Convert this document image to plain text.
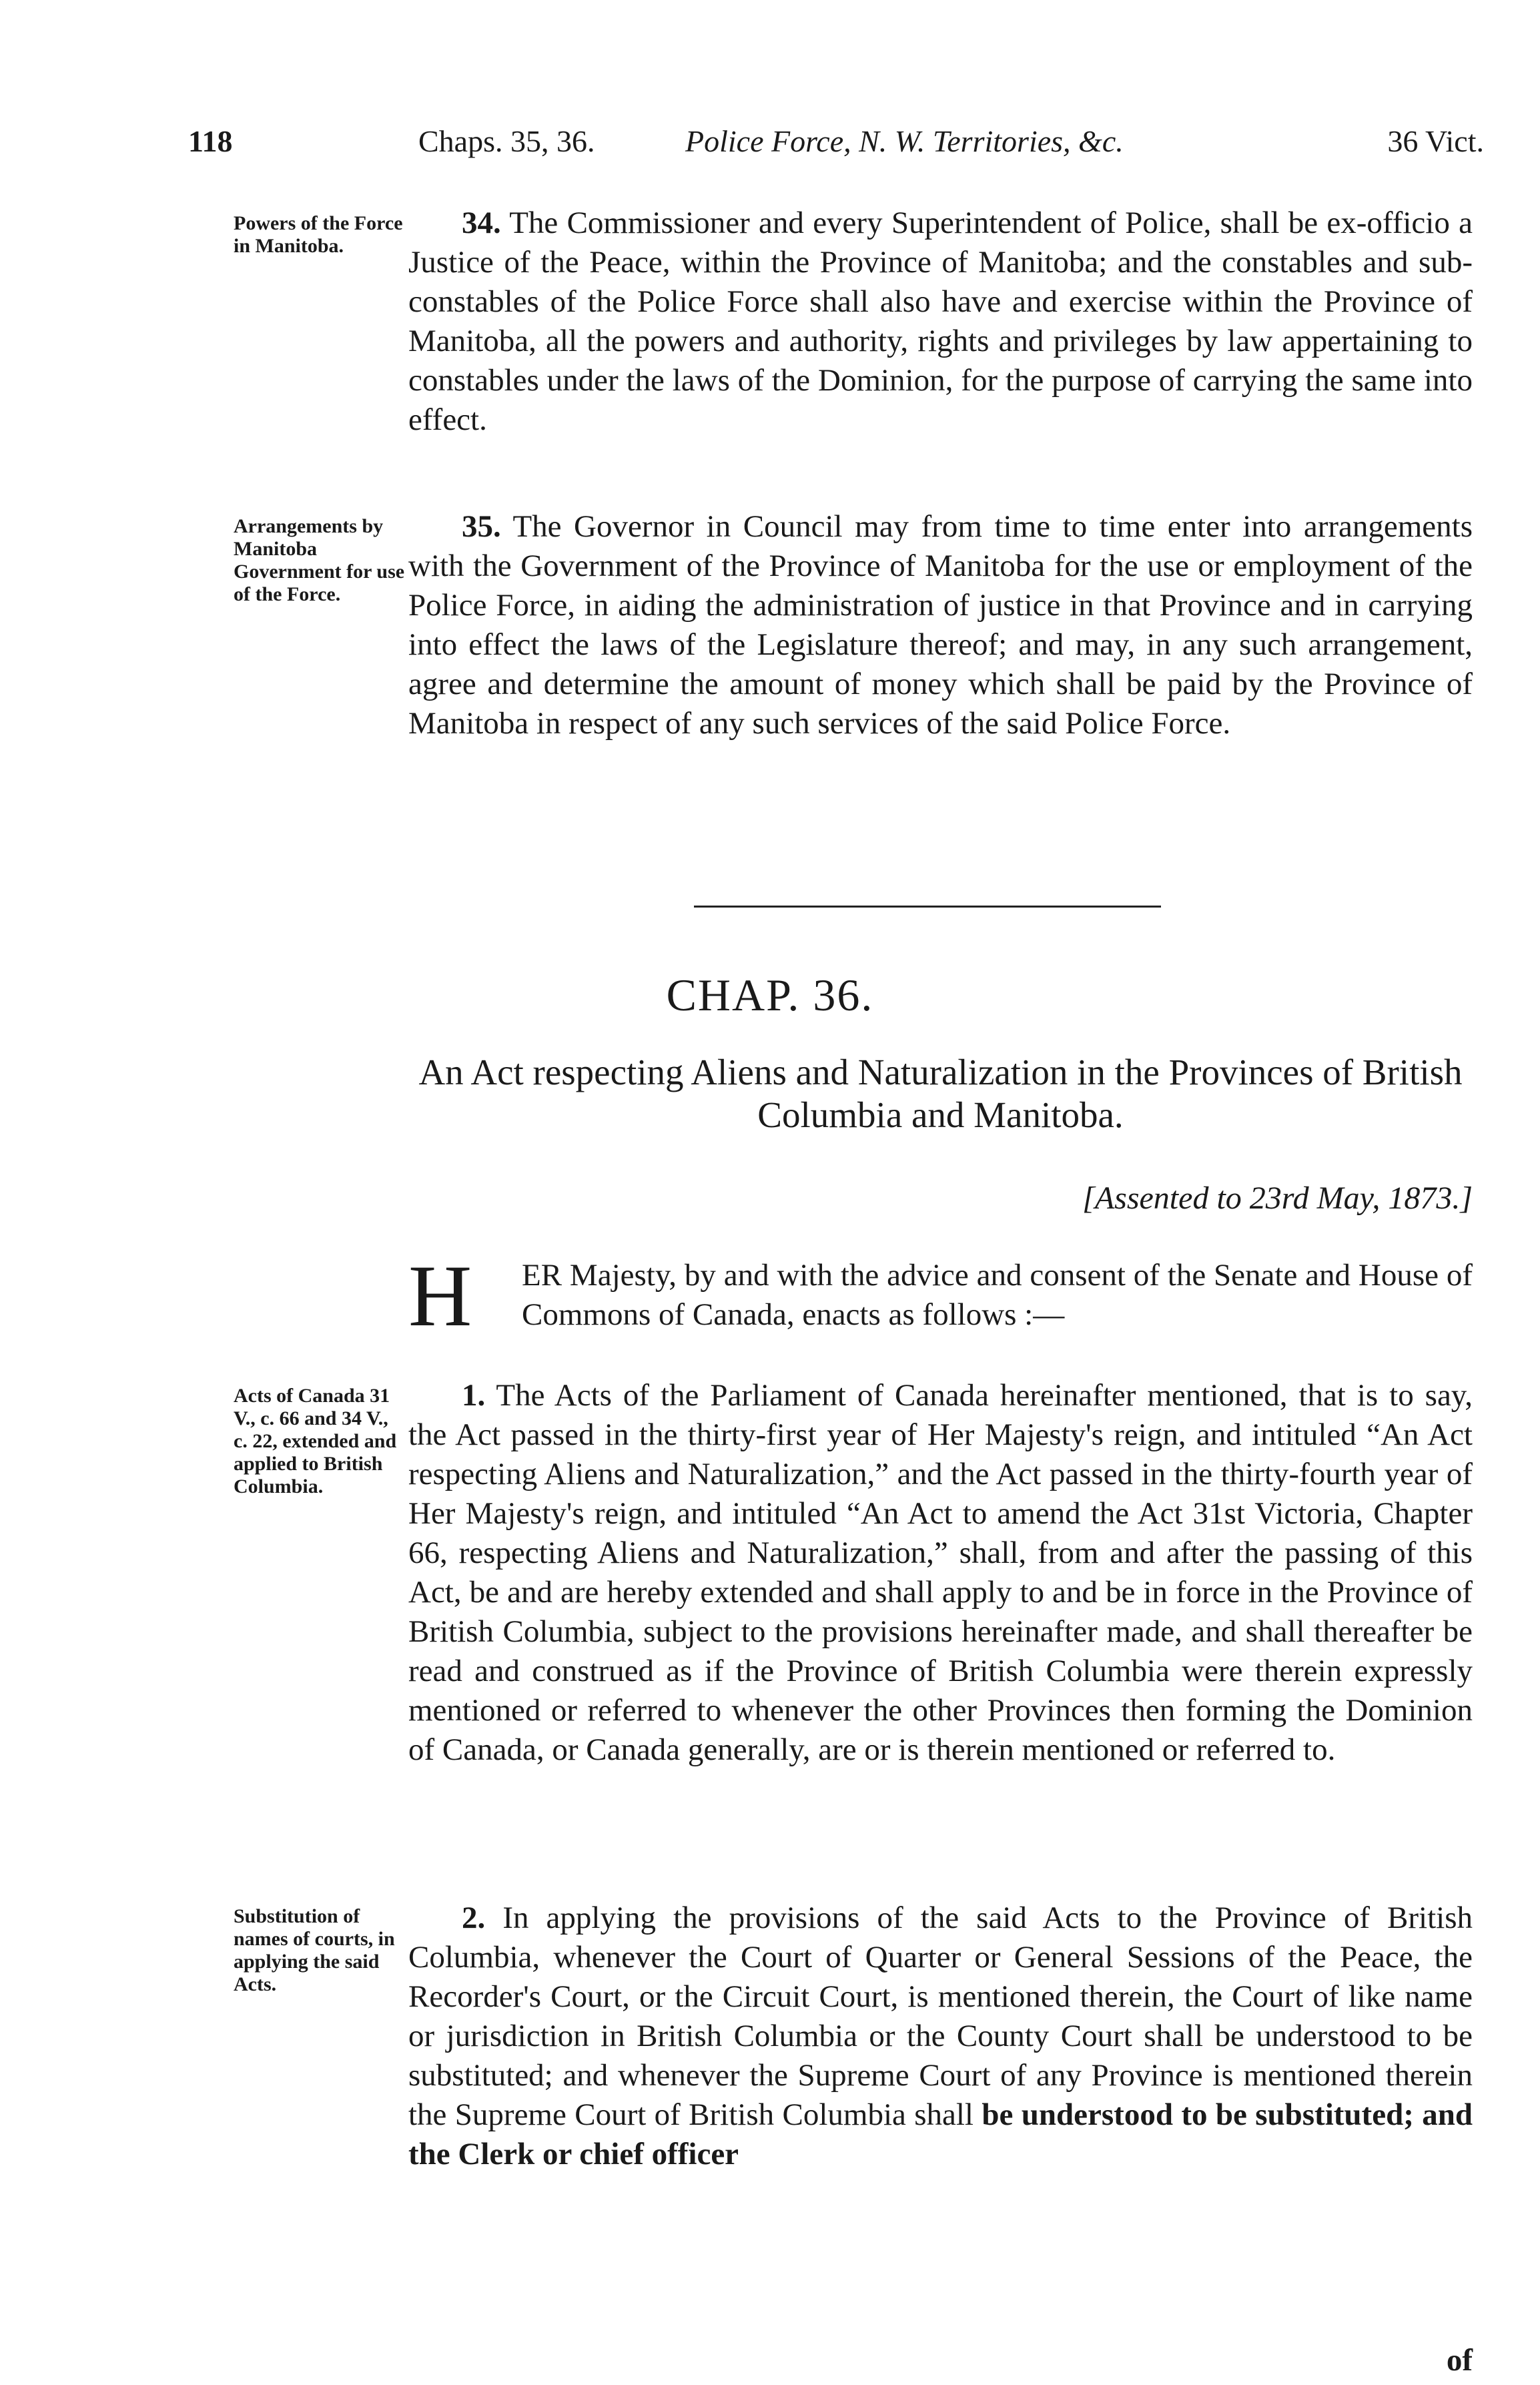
118	Chaps. 35, 36.	Police Force, N. W. Territories, &c.	36 Vict.
Powers of the Force in Manitoba.
34. The Commissioner and every Superintendent of Police, shall be ex-officio a Justice of the Peace, within the Province of Manitoba; and the constables and sub-constables of the Police Force shall also have and exercise within the Province of Manitoba, all the powers and authority, rights and privileges by law appertaining to constables under the laws of the Dominion, for the purpose of carrying the same into effect.
Arrangements by Manitoba Government for use of the Force.
35. The Governor in Council may from time to time enter into arrangements with the Government of the Province of Manitoba for the use or employment of the Police Force, in aiding the administration of justice in that Province and in carrying into effect the laws of the Legislature thereof; and may, in any such arrangement, agree and determine the amount of money which shall be paid by the Province of Manitoba in respect of any such services of the said Police Force.
CHAP. 36.
An Act respecting Aliens and Naturalization in the Provinces of British Columbia and Manitoba.
[Assented to 23rd May, 1873.]
H ER Majesty, by and with the advice and consent of the Senate and House of Commons of Canada, enacts as follows :—
Acts of Canada 31 V., c. 66 and 34 V., c. 22, extended and applied to British Columbia.
1. The Acts of the Parliament of Canada hereinafter mentioned, that is to say, the Act passed in the thirty-first year of Her Majesty's reign, and intituled “An Act respecting Aliens and Naturalization,” and the Act passed in the thirty-fourth year of Her Majesty's reign, and intituled “An Act to amend the Act 31st Victoria, Chapter 66, respecting Aliens and Naturalization,” shall, from and after the passing of this Act, be and are hereby extended and shall apply to and be in force in the Province of British Columbia, subject to the provisions hereinafter made, and shall thereafter be read and construed as if the Province of British Columbia were therein expressly mentioned or referred to whenever the other Provinces then forming the Dominion of Canada, or Canada generally, are or is therein mentioned or referred to.
Substitution of names of courts, in applying the said Acts.
2. In applying the provisions of the said Acts to the Province of British Columbia, whenever the Court of Quarter or General Sessions of the Peace, the Recorder's Court, or the Circuit Court, is mentioned therein, the Court of like name or jurisdiction in British Columbia or the County Court shall be understood to be substituted; and whenever the Supreme Court of any Province is mentioned therein the Supreme Court of British Columbia shall be understood to be substituted; and the Clerk or chief officer
of
